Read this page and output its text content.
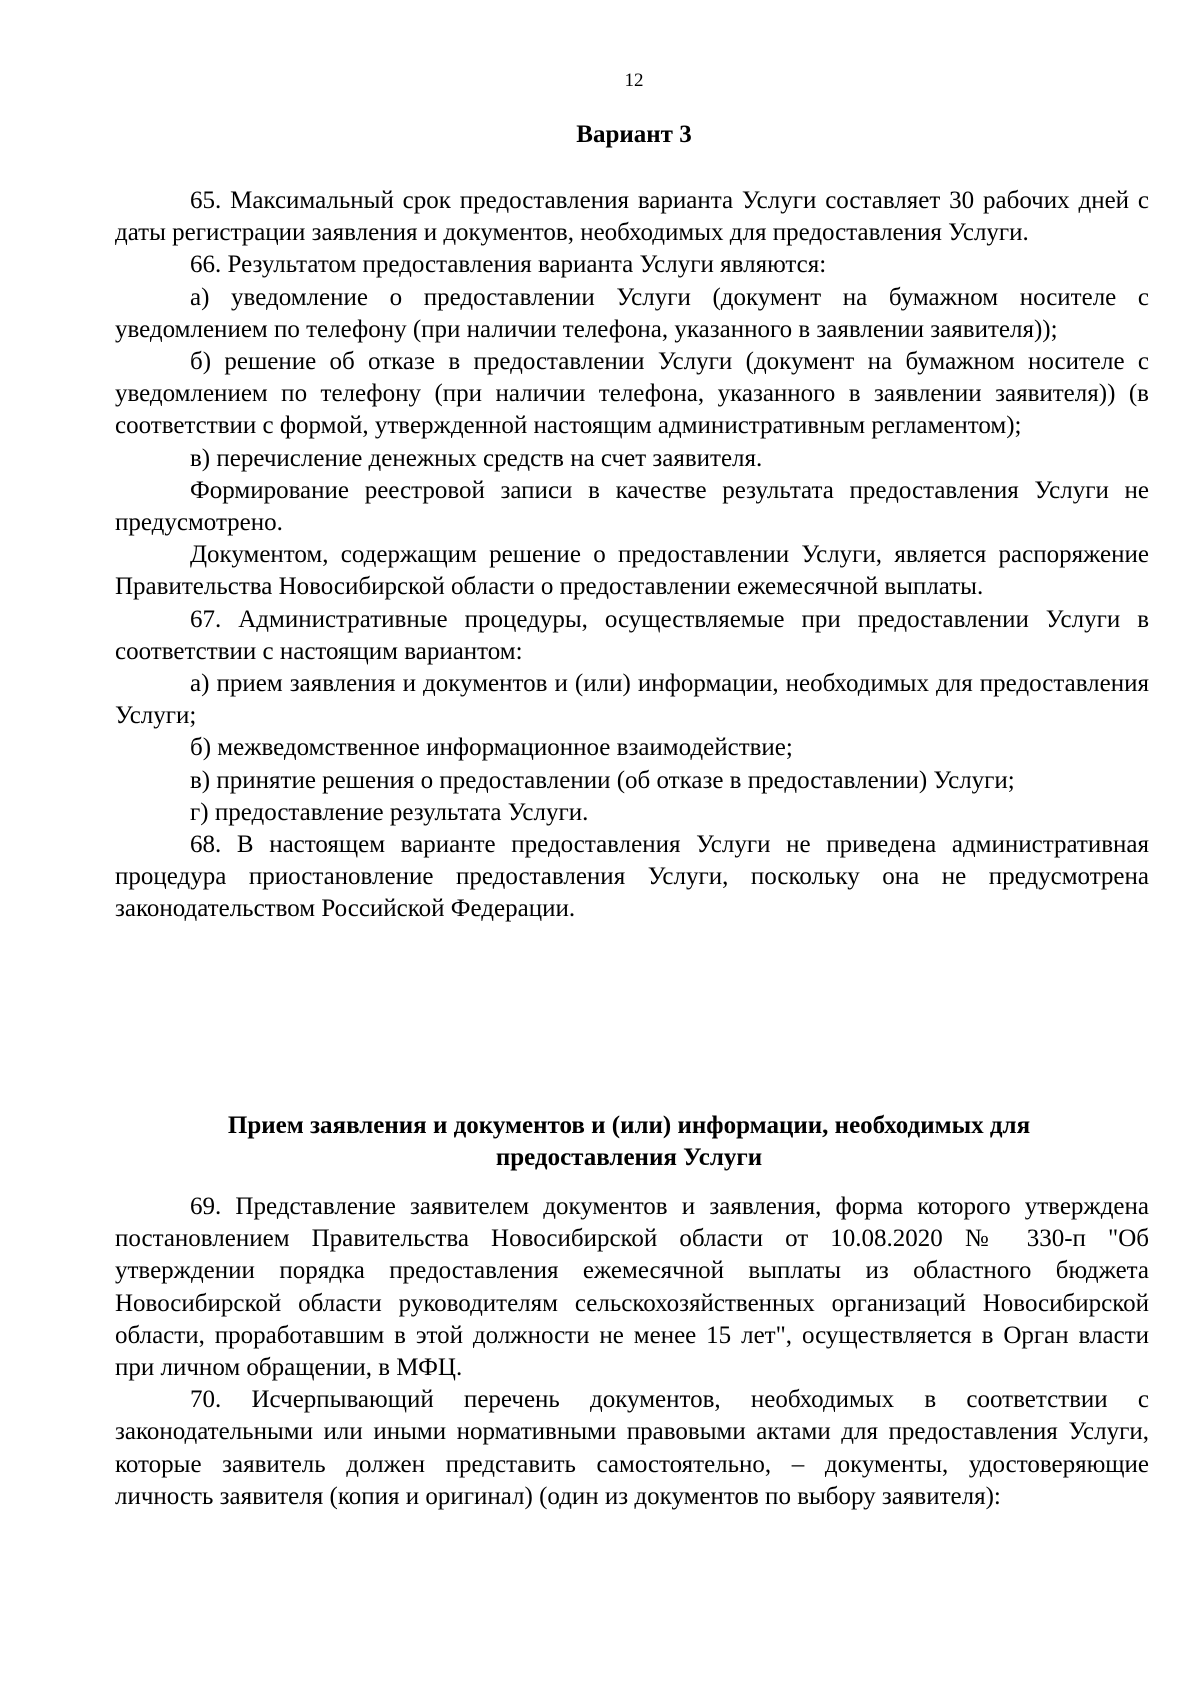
12
Вариант 3

65. Максимальный срок предоставления варианта Услуги составляет 30 рабочих дней с даты регистрации заявления и документов, необходимых для предоставления Услуги.

66. Результатом предоставления варианта Услуги являются:

а) уведомление о предоставлении Услуги (документ на бумажном носителе с уведомлением по телефону (при наличии телефона, указанного в заявлении заявителя));

б) решение об отказе в предоставлении Услуги (документ на бумажном носителе с уведомлением по телефону (при наличии телефона, указанного в заявлении заявителя)) (в соответствии с формой, утвержденной настоящим административным регламентом);

в) перечисление денежных средств на счет заявителя.

Формирование реестровой записи в качестве результата предоставления Услуги не предусмотрено.

Документом, содержащим решение о предоставлении Услуги, является распоряжение Правительства Новосибирской области о предоставлении ежемесячной выплаты.

67. Административные процедуры, осуществляемые при предоставлении Услуги в соответствии с настоящим вариантом:

а) прием заявления и документов и (или) информации, необходимых для предоставления Услуги;

б) межведомственное информационное взаимодействие;

в) принятие решения о предоставлении (об отказе в предоставлении) Услуги;

г) предоставление результата Услуги.

68. В настоящем варианте предоставления Услуги не приведена административная процедура приостановление предоставления Услуги, поскольку она не предусмотрена законодательством Российской Федерации.

Прием заявления и документов и (или) информации, необходимых для
предоставления Услуги

69. Представление заявителем документов и заявления, форма которого утверждена постановлением Правительства Новосибирской области от 10.08.2020 № 330-п "Об утверждении порядка предоставления ежемесячной выплаты из областного бюджета Новосибирской области руководителям сельскохозяйственных организаций Новосибирской области, проработавшим в этой должности не менее 15 лет", осуществляется в Орган власти при личном обращении, в МФЦ.

70. Исчерпывающий перечень документов, необходимых в соответствии с законодательными или иными нормативными правовыми актами для предоставления Услуги, которые заявитель должен представить самостоятельно, – документы, удостоверяющие личность заявителя (копия и оригинал) (один из документов по выбору заявителя):
